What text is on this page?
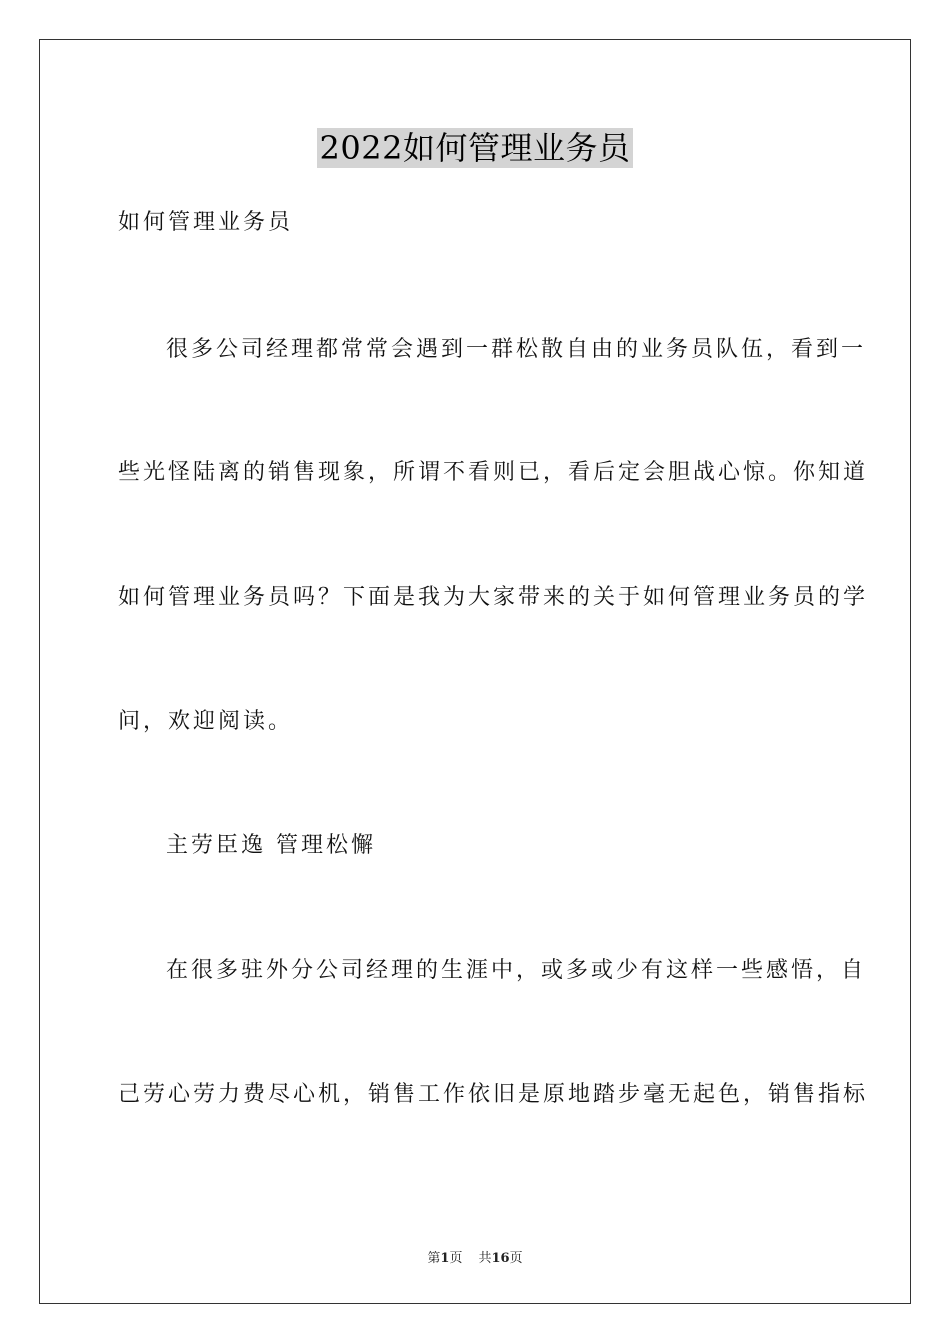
2022如何管理业务员
如何管理业务员
很多公司经理都常常会遇到一群松散自由的业务员队伍，看到一
些光怪陆离的销售现象，所谓不看则已，看后定会胆战心惊。你知道
如何管理业务员吗？下面是我为大家带来的关于如何管理业务员的学
问，欢迎阅读。
主劳臣逸 管理松懈
在很多驻外分公司经理的生涯中，或多或少有这样一些感悟，自
己劳心劳力费尽心机，销售工作依旧是原地踏步毫无起色，销售指标
第1页 共16页
